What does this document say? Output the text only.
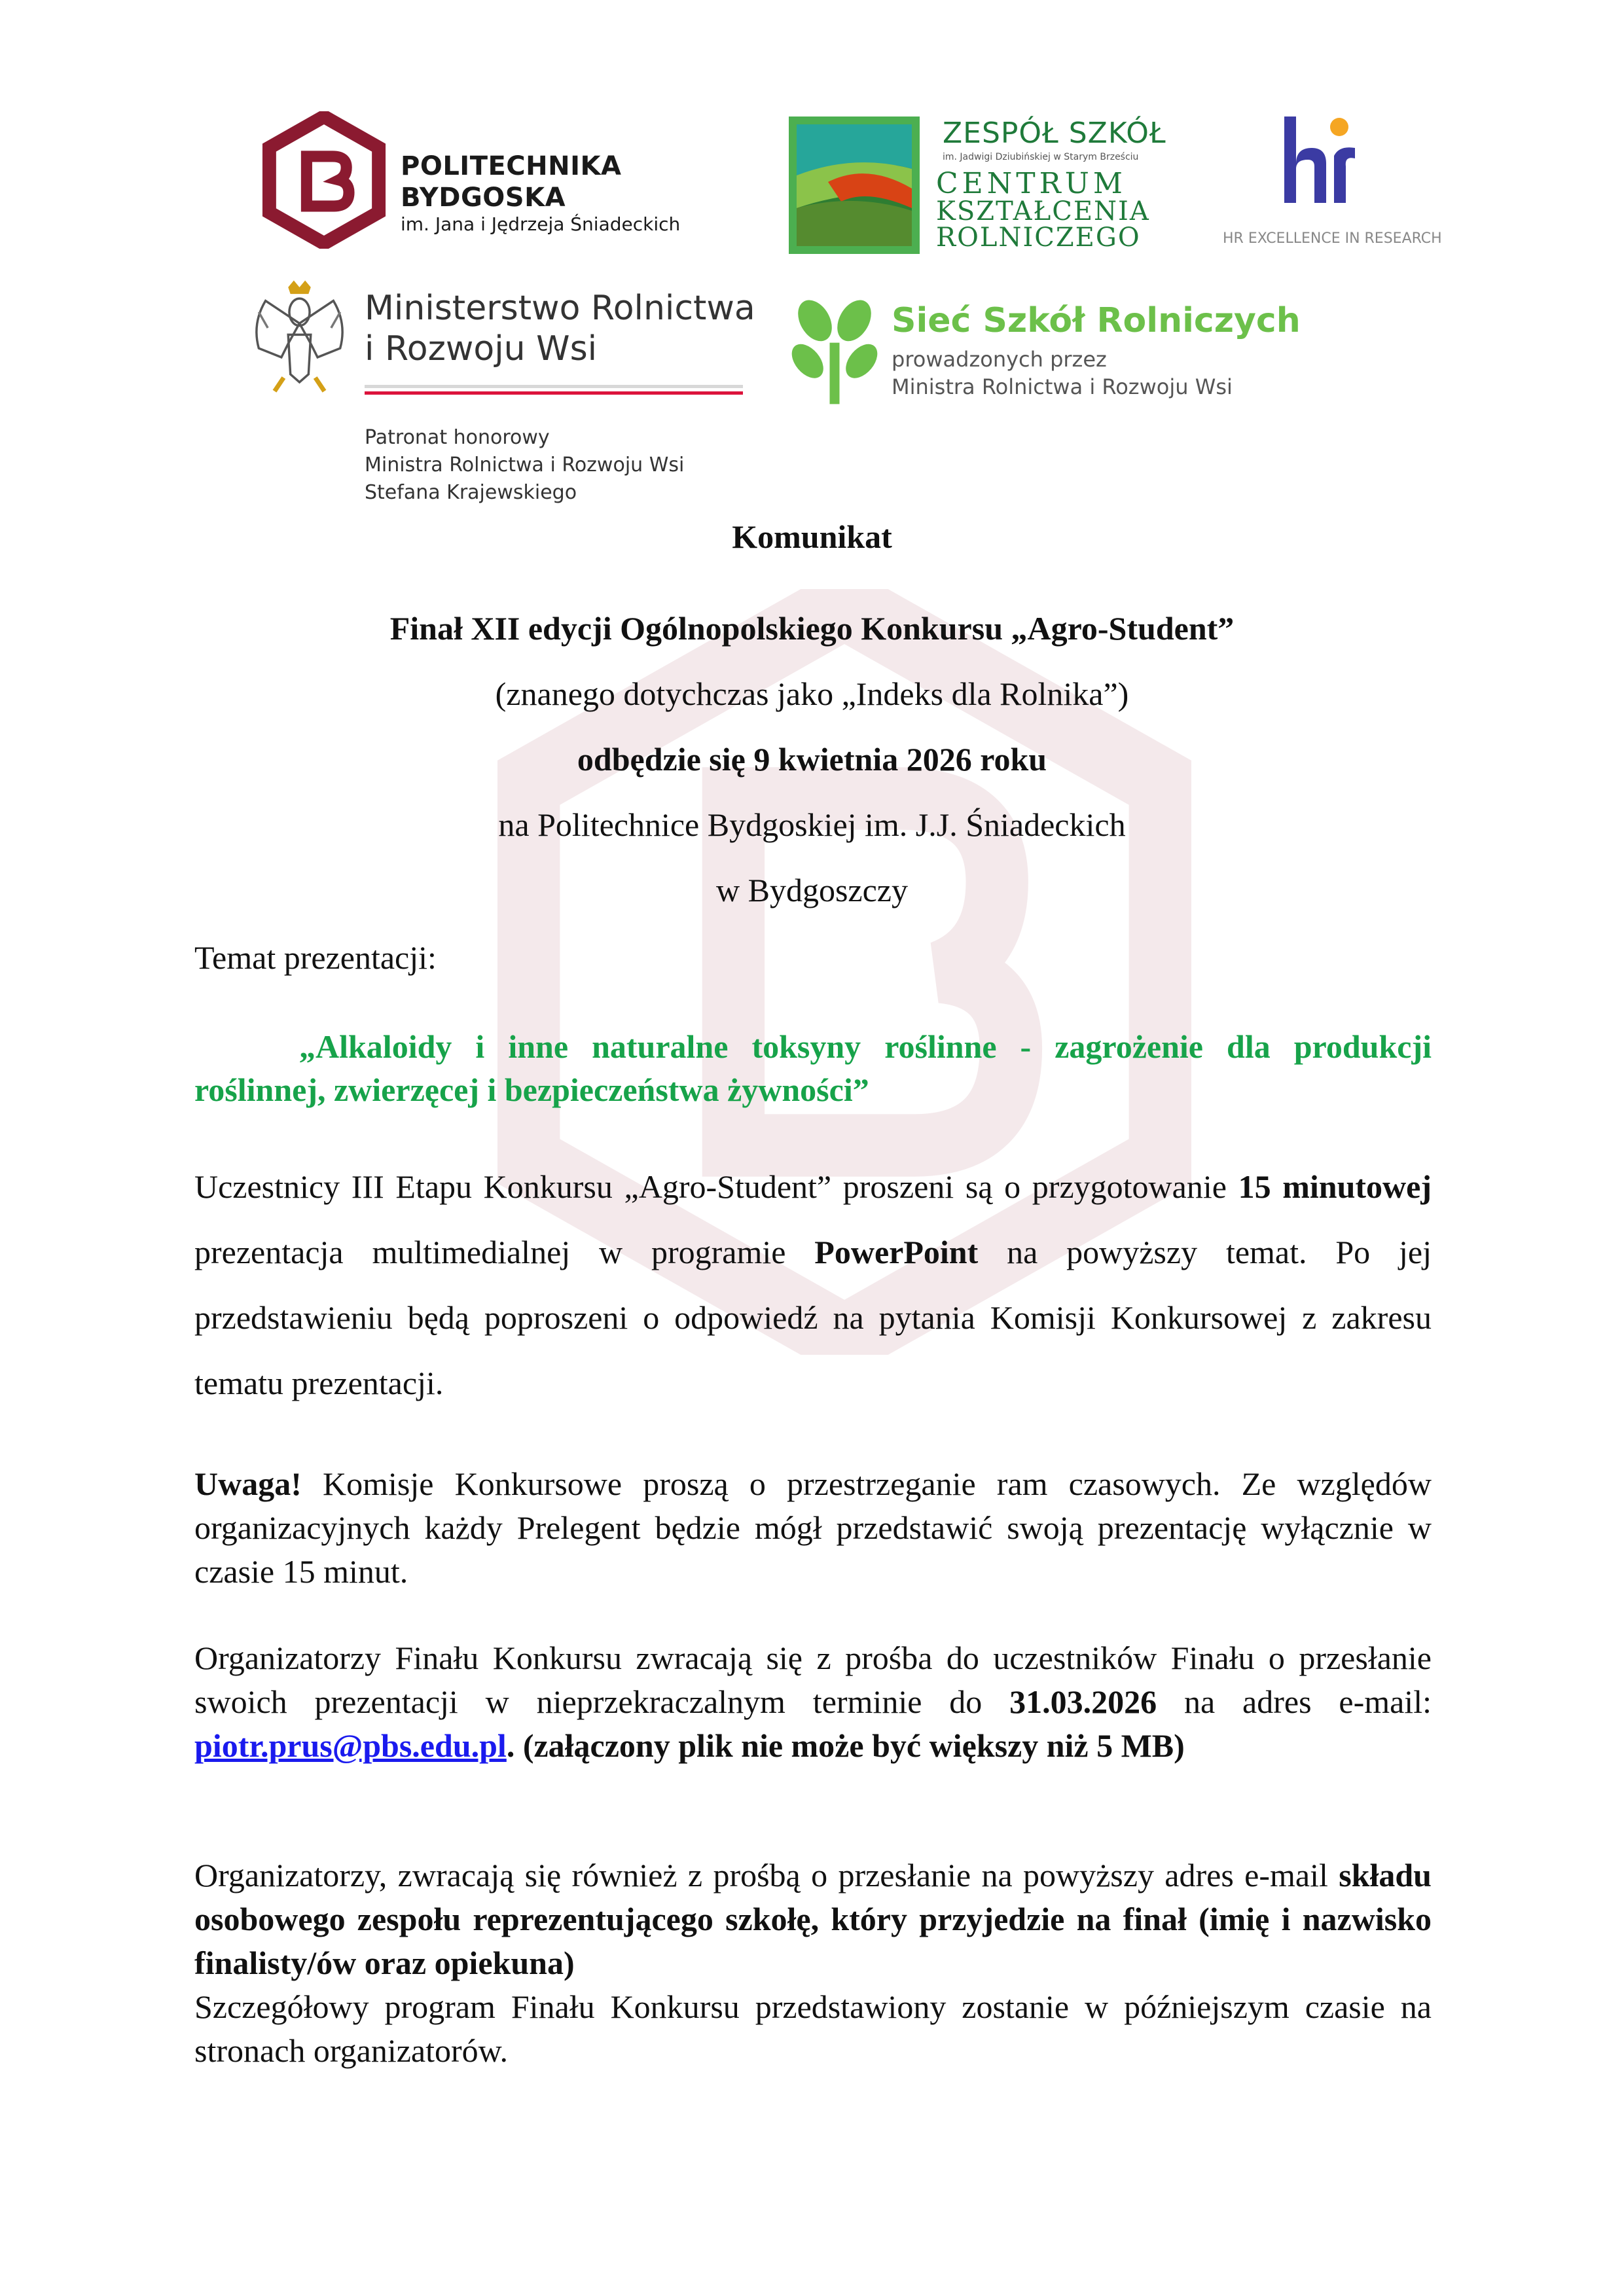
POLITECHNIKA
BYDGOSKA
im. Jana i Jędrzeja Śniadeckich
ZESPÓŁ SZKÓŁ
im. Jadwigi Dziubińskiej w Starym Brześciu
CENTRUM
KSZTAŁCENIA
ROLNICZEGO	HR EXCELLENCE IN RESEARCH
Ministerstwo Rolnictwa
i Rozwoju Wsi
Sieć Szkół Rolniczych
prowadzonych przez
Ministra Rolnictwa i Rozwoju Wsi
Patronat honorowy
Ministra Rolnictwa i Rozwoju Wsi
Stefana Krajewskiego
Komunikat
Finał XII edycji Ogólnopolskiego Konkursu „Agro-Student”
(znanego dotychczas jako „Indeks dla Rolnika”)
odbędzie się 9 kwietnia 2026 roku
na Politechnice Bydgoskiej im. J.J. Śniadeckich
w Bydgoszczy
Temat prezentacji:
„Alkaloidy i inne naturalne toksyny roślinne - zagrożenie dla produkcji roślinnej, zwierzęcej i bezpieczeństwa żywności”
Uczestnicy III Etapu Konkursu „Agro-Student” proszeni są o przygotowanie 15 minutowej prezentacja multimedialnej w programie PowerPoint na powyższy temat. Po jej przedstawieniu będą poproszeni o odpowiedź na pytania Komisji Konkursowej z zakresu tematu prezentacji.
Uwaga! Komisje Konkursowe proszą o przestrzeganie ram czasowych. Ze względów organizacyjnych każdy Prelegent będzie mógł przedstawić swoją prezentację wyłącznie w czasie 15 minut.
Organizatorzy Finału Konkursu zwracają się z prośba do uczestników Finału o przesłanie swoich prezentacji w nieprzekraczalnym terminie do 31.03.2026 na adres e-mail: piotr.prus@pbs.edu.pl. (załączony plik nie może być większy niż 5 MB)
Organizatorzy, zwracają się również z prośbą o przesłanie na powyższy adres e-mail składu osobowego zespołu reprezentującego szkołę, który przyjedzie na finał (imię i nazwisko finalisty/ów oraz opiekuna)
Szczegółowy program Finału Konkursu przedstawiony zostanie w późniejszym czasie na stronach organizatorów.
